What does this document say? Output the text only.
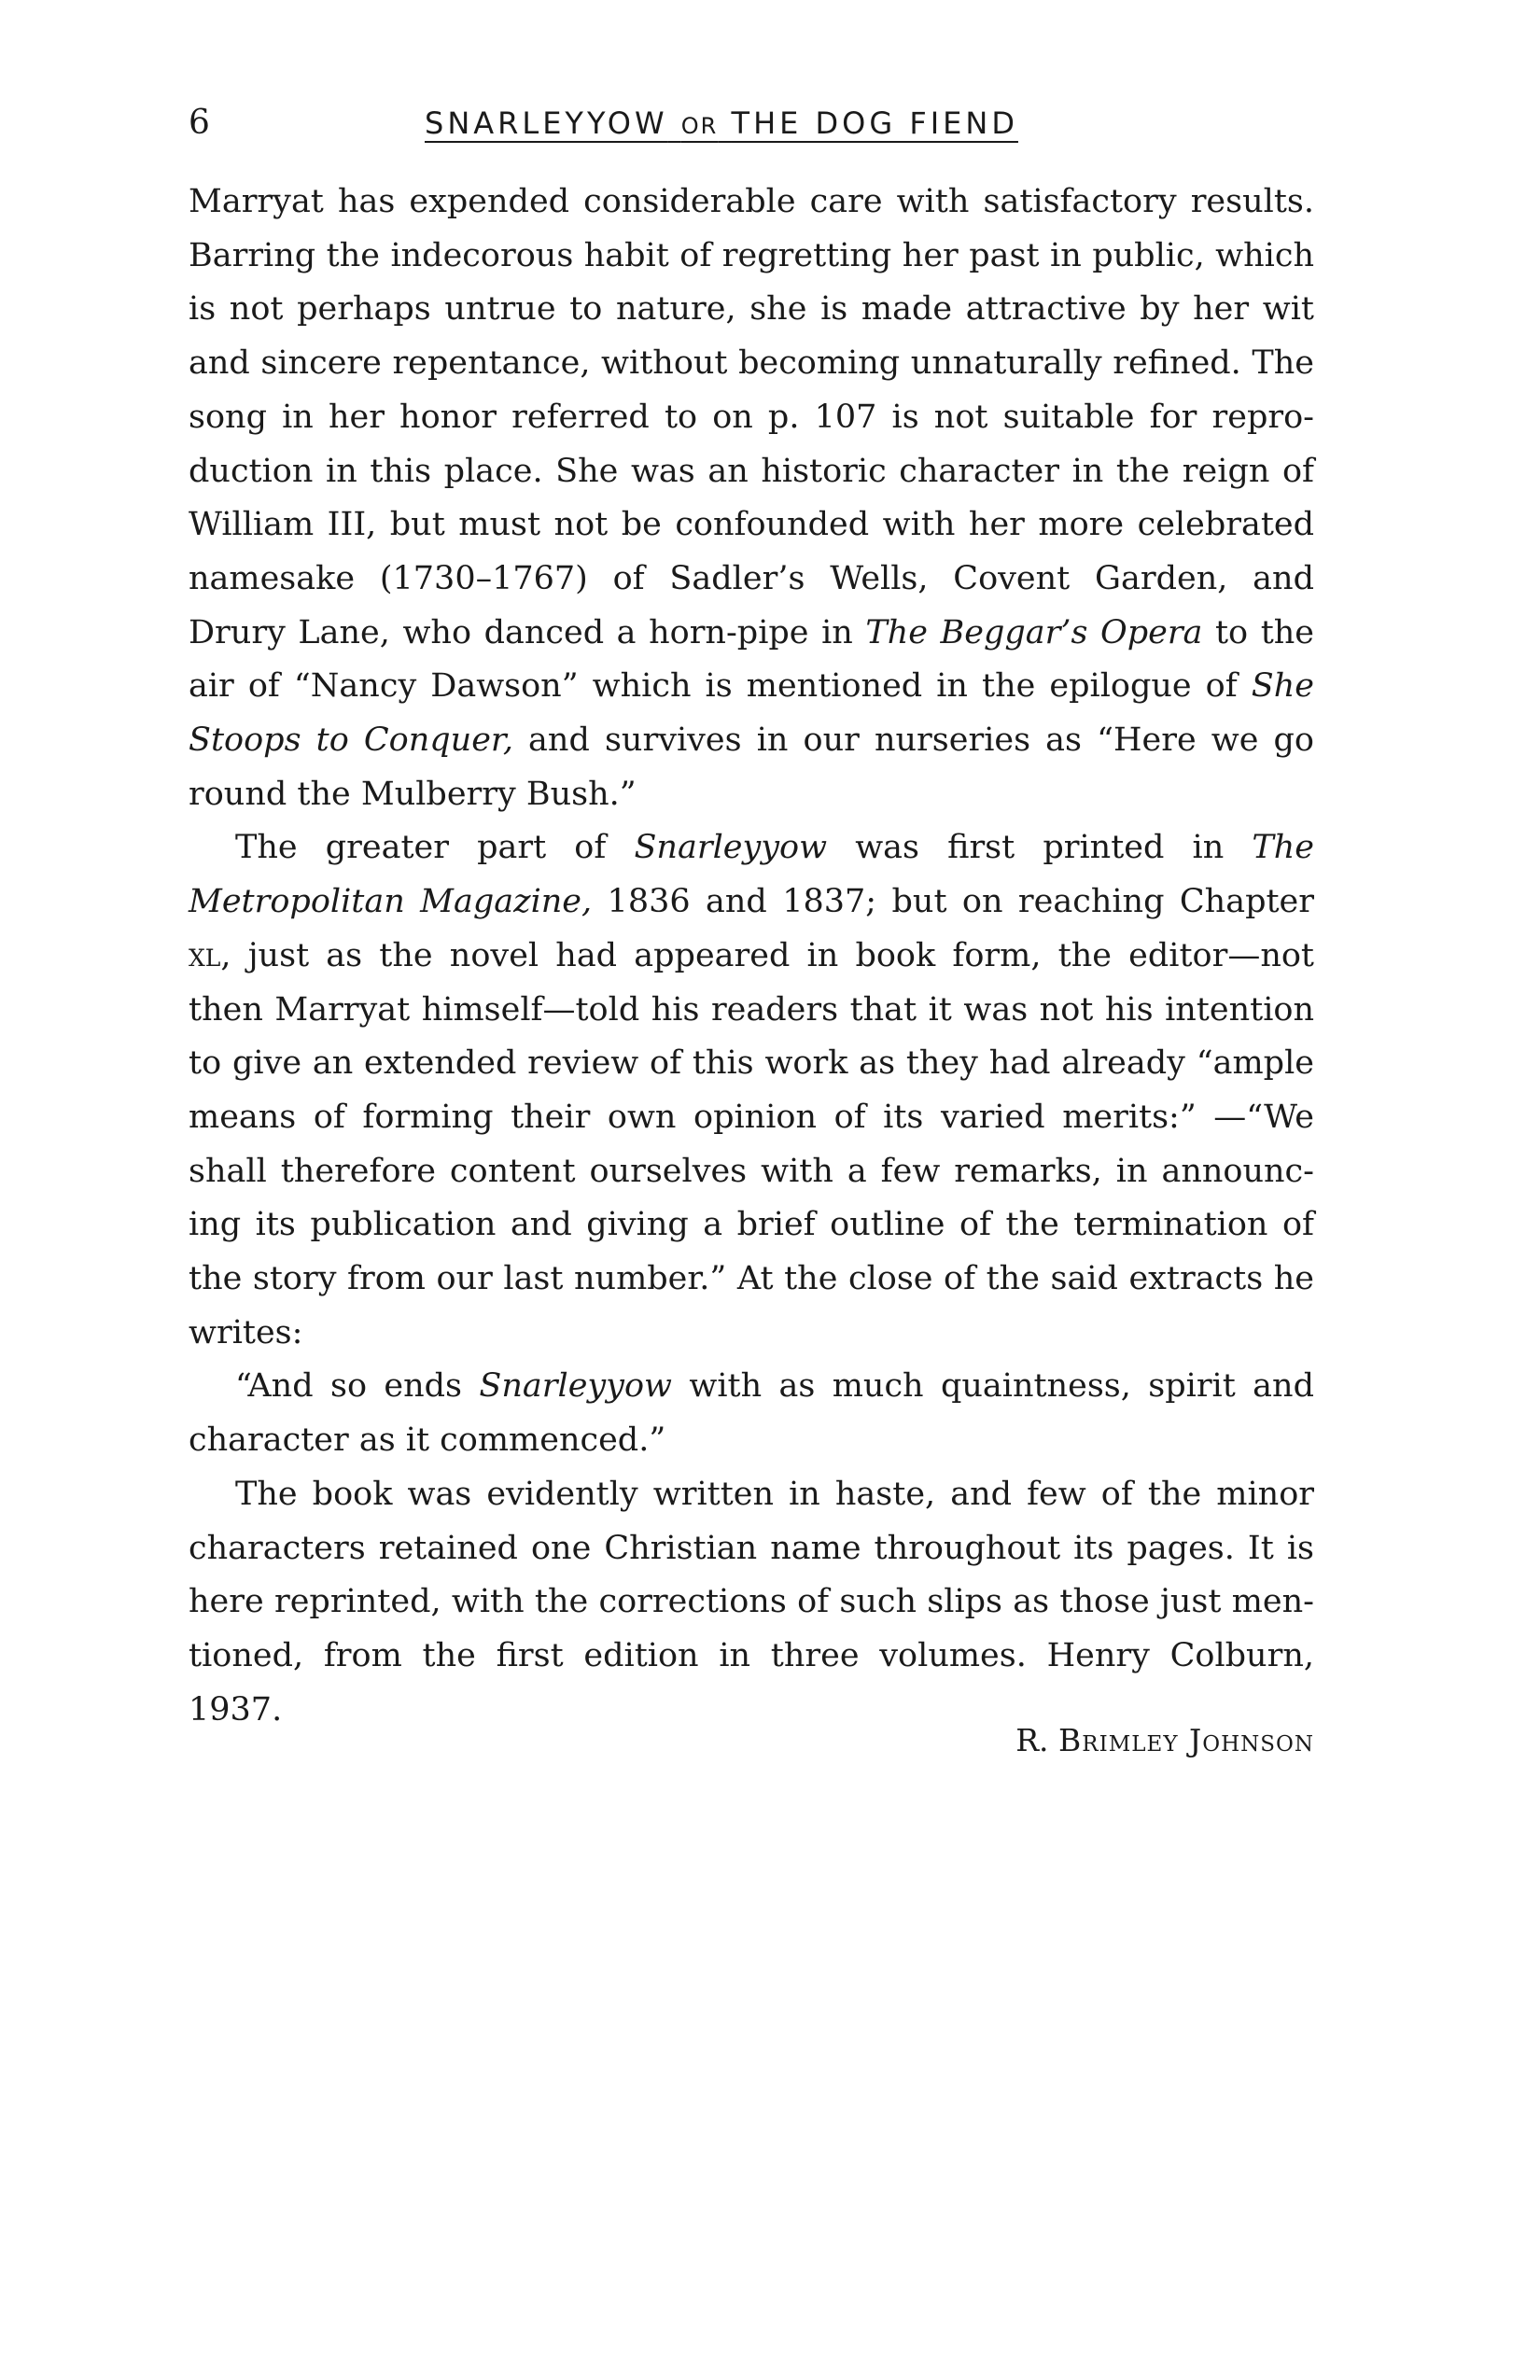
6	SNARLEYYOW OR THE DOG FIEND

Marryat has expended considerable care with satisfactory results. Barring the indecorous habit of regretting her past in public, which is not perhaps untrue to nature, she is made attractive by her wit and sincere repentance, without becoming unnaturally refined. The song in her honor referred to on p. 107 is not suitable for reproduction in this place. She was an historic character in the reign of William III, but must not be confounded with her more celebrated namesake (1730–1767) of Sadler’s Wells, Covent Garden, and Drury Lane, who danced a horn-pipe in The Beggar’s Opera to the air of “Nancy Dawson” which is mentioned in the epilogue of She Stoops to Conquer, and survives in our nurseries as “Here we go round the Mulberry Bush.”

The greater part of Snarleyyow was first printed in The Metropolitan Magazine, 1836 and 1837; but on reaching Chapter xl, just as the novel had appeared in book form, the editor—not then Marryat himself—told his readers that it was not his intention to give an extended review of this work as they had already “ample means of forming their own opinion of its varied merits:” —“We shall therefore content ourselves with a few remarks, in announcing its publication and giving a brief outline of the termination of the story from our last number.” At the close of the said extracts he writes:

“And so ends Snarleyyow with as much quaintness, spirit and character as it commenced.”

The book was evidently written in haste, and few of the minor characters retained one Christian name throughout its pages. It is here reprinted, with the corrections of such slips as those just mentioned, from the first edition in three volumes. Henry Colburn, 1937.

R. Brimley Johnson
